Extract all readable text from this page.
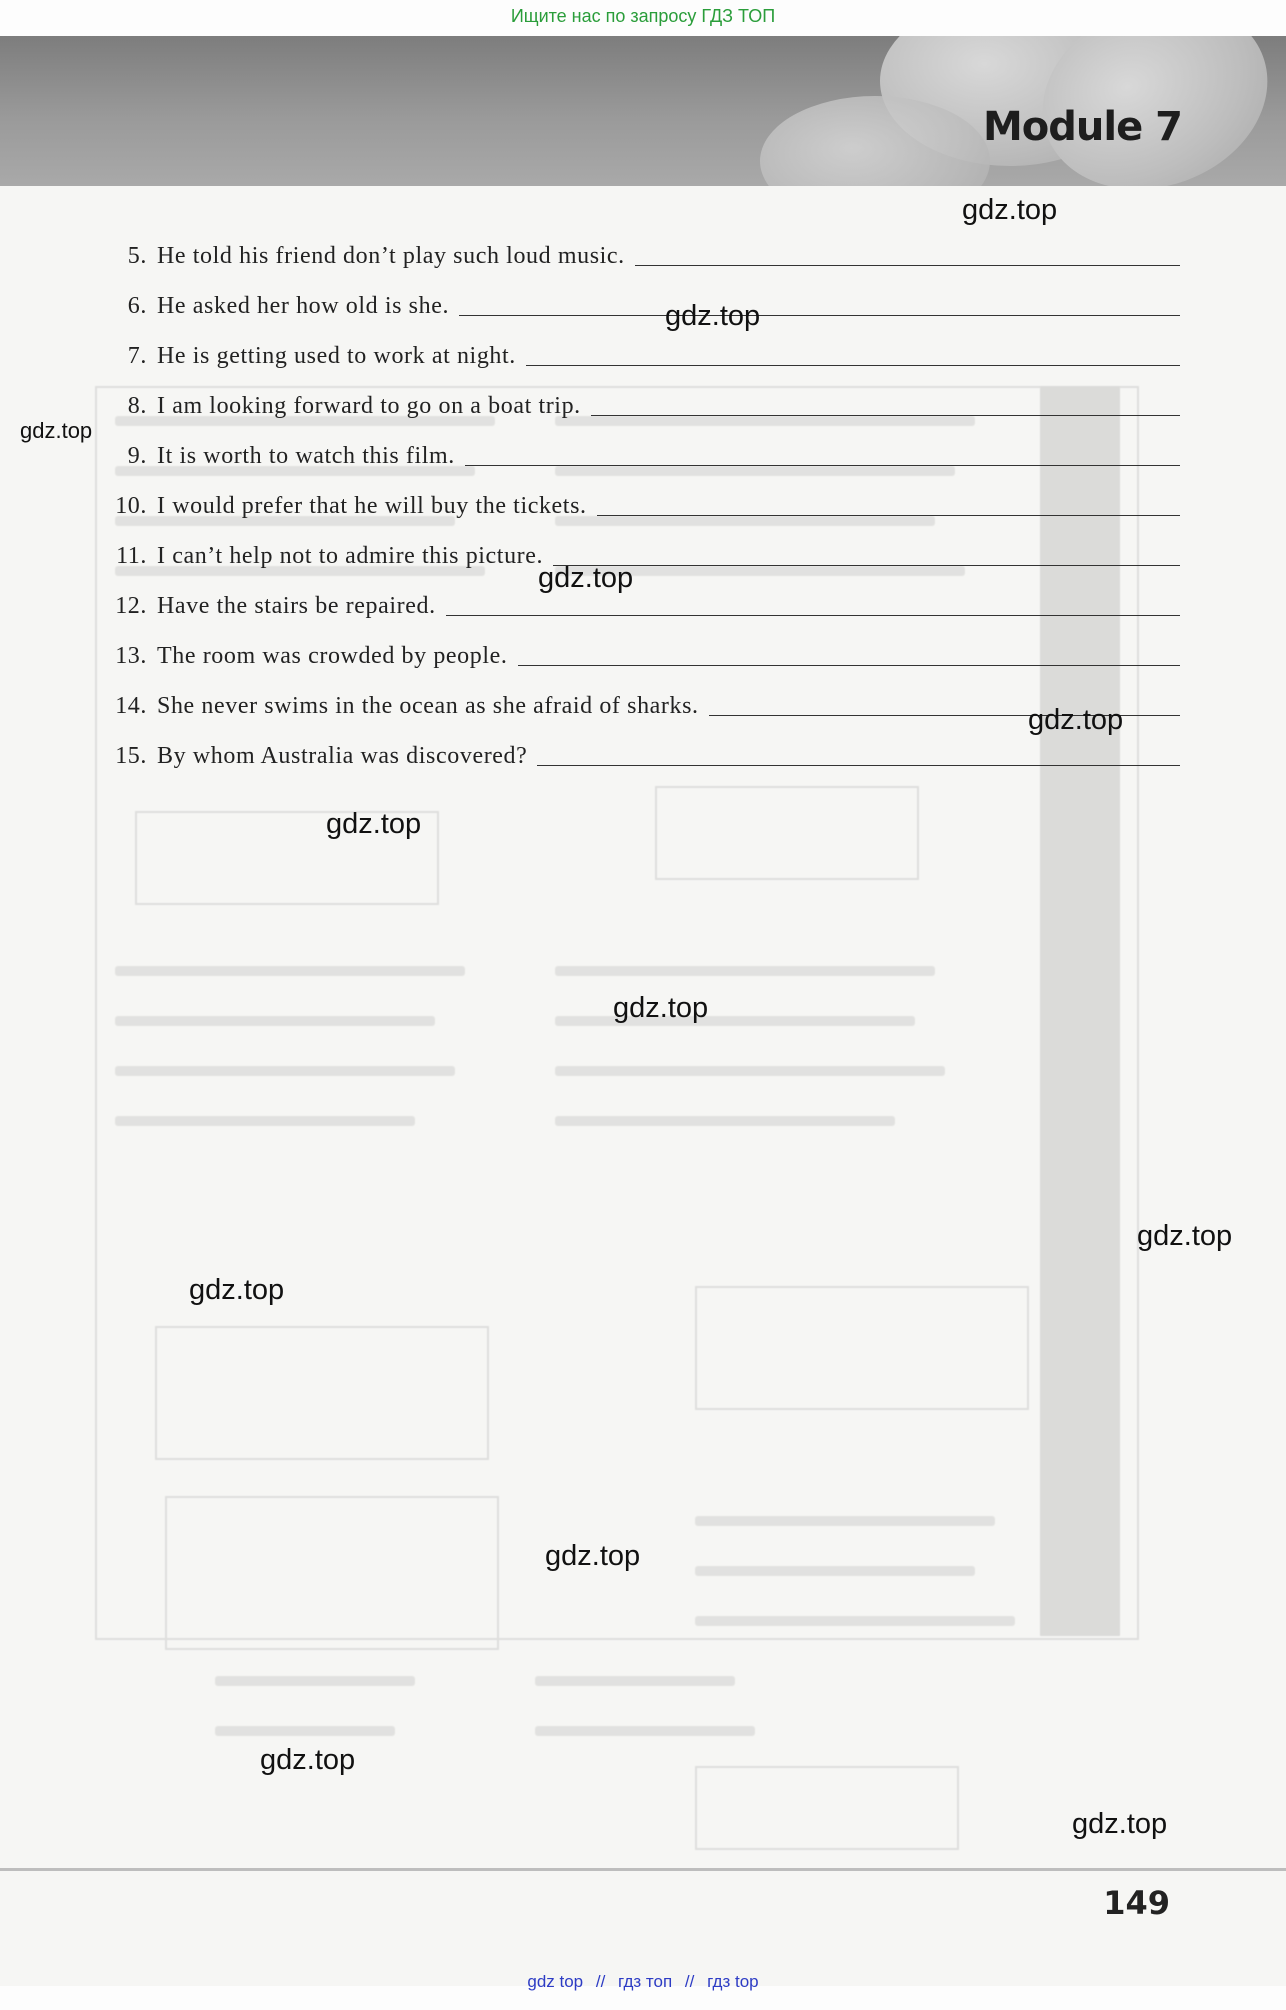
Ищите нас по запросу ГДЗ ТОП
Module 7
5. He told his friend don’t play such loud music.
6. He asked her how old is she.
7. He is getting used to work at night.
8. I am looking forward to go on a boat trip.
9. It is worth to watch this film.
10. I would prefer that he will buy the tickets.
11. I can’t help not to admire this picture.
12. Have the stairs be repaired.
13. The room was crowded by people.
14. She never swims in the ocean as she afraid of sharks.
15. By whom Australia was discovered?
gdz.top
gdz.top
gdz.top
gdz.top
gdz.top
gdz.top
gdz.top
gdz.top
gdz.top
gdz.top
gdz.top
gdz.top
149
gdz top // гдз топ // гдз top
